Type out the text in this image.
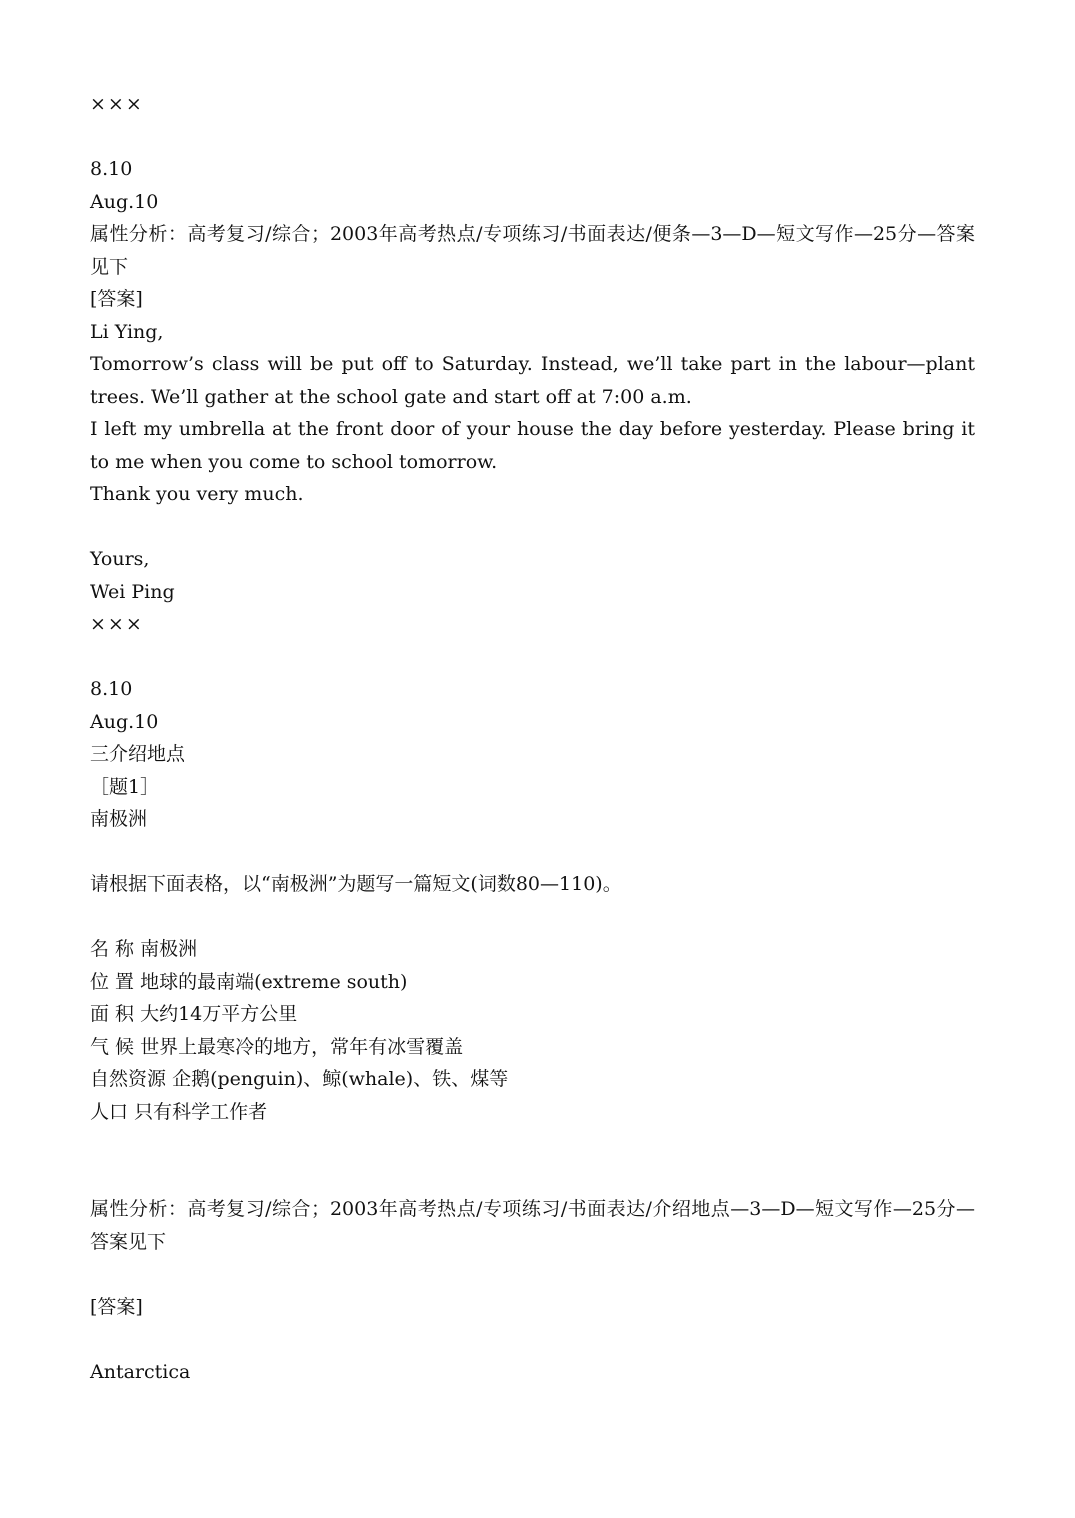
×××
8.10
Aug.10
属性分析：高考复习/综合；2003年高考热点/专项练习/书面表达/便条—3—D—短文写作—25分—答案见下
[答案]
Li Ying,
Tomorrow’s class will be put off to Saturday. Instead, we’ll take part in the labour—plant trees. We’ll gather at the school gate and start off at 7:00 a.m.
I left my umbrella at the front door of your house the day before yesterday. Please bring it to me when you come to school tomorrow.
Thank you very much.
Yours,
Wei Ping
×××
8.10
Aug.10
三介绍地点
［题1］
南极洲
请根据下面表格，以“南极洲”为题写一篇短文(词数80—110)。
名 称 南极洲
位 置 地球的最南端(extreme south)
面 积 大约14万平方公里
气 候 世界上最寒冷的地方，常年有冰雪覆盖
自然资源 企鹅(penguin)、鲸(whale)、铁、煤等
人口 只有科学工作者
属性分析：高考复习/综合；2003年高考热点/专项练习/书面表达/介绍地点—3—D—短文写作—25分—答案见下
[答案]
Antarctica
